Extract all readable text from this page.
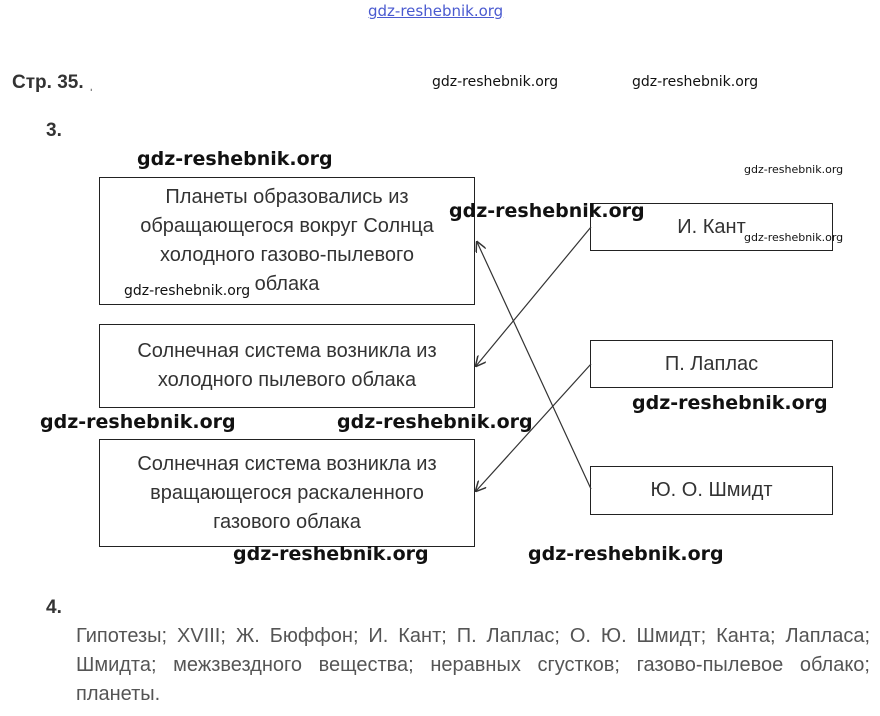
gdz-reshebnik.org
Стр. 35. ˌ	gdz-reshebnik.org	gdz-reshebnik.org
3.
Планеты образовались из
обращающегося вокруг Солнца
холодного газово-пылевого
облака
Солнечная система возникла из
холодного пылевого облака
Солнечная система возникла из
вращающегося раскаленного
газового облака
И. Кант
П. Лаплас
Ю. О. Шмидт
gdz-reshebnik.org	gdz-reshebnik.org
gdz-reshebnik.org
gdz-reshebnik.org
gdz-reshebnik.org
gdz-reshebnik.org
gdz-reshebnik.org	gdz-reshebnik.org
gdz-reshebnik.org	gdz-reshebnik.org
4.
Гипотезы; XVIII; Ж. Бюффон; И. Кант; П. Лаплас; О. Ю. Шмидт; Канта; Лапласа; Шмидта; межзвездного вещества; неравных сгустков; газово-пылевое облако; планеты.
